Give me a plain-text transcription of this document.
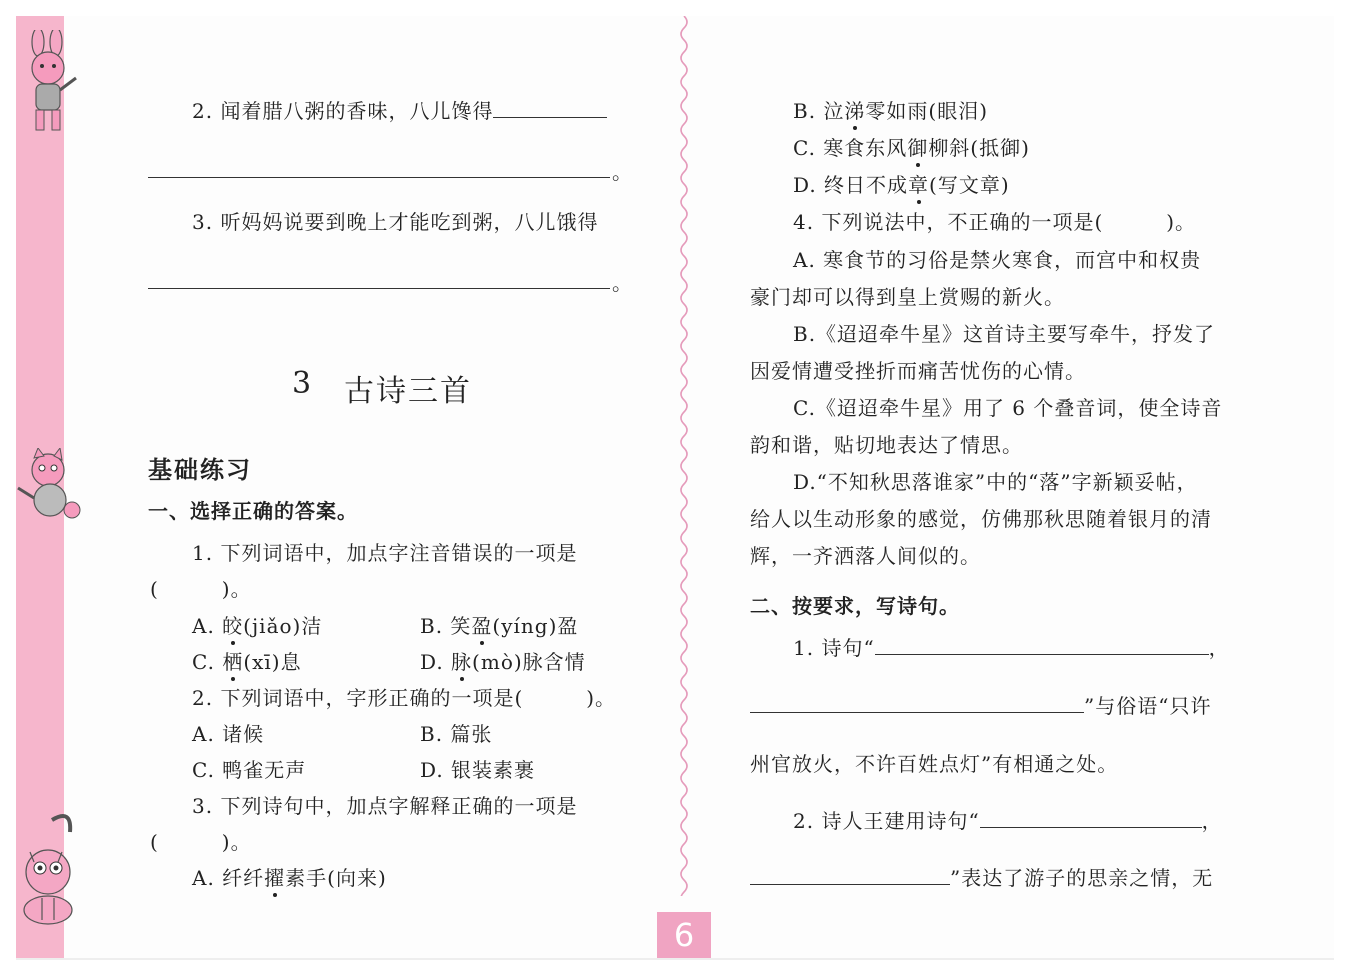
2. 闻着腊八粥的香味，八儿馋得
。
3. 听妈妈说要到晚上才能吃到粥，八儿饿得
。
3 古诗三首
基础练习
一、选择正确的答案。
1. 下列词语中，加点字注音错误的一项是
(　　　)。
A. 皎(jiǎo)洁	B. 笑盈(yíng)盈
C. 栖(xī)息	D. 脉(mò)脉含情
2. 下列词语中，字形正确的一项是(　　　)。
A. 诸候	B. 篇张
C. 鸭雀无声	D. 银装素裹
3. 下列诗句中，加点字解释正确的一项是
(　　　)。
A. 纤纤擢素手(向来)
B. 泣涕零如雨(眼泪)
C. 寒食东风御柳斜(抵御)
D. 终日不成章(写文章)
4. 下列说法中，不正确的一项是(　　　)。
A. 寒食节的习俗是禁火寒食，而宫中和权贵
豪门却可以得到皇上赏赐的新火。
B.《迢迢牵牛星》这首诗主要写牵牛，抒发了
因爱情遭受挫折而痛苦忧伤的心情。
C.《迢迢牵牛星》用了 6 个叠音词，使全诗音
韵和谐，贴切地表达了情思。
D.“不知秋思落谁家”中的“落”字新颖妥帖，
给人以生动形象的感觉，仿佛那秋思随着银月的清
辉，一齐洒落人间似的。
二、按要求，写诗句。
1. 诗句“	，
”与俗语“只许
州官放火，不许百姓点灯”有相通之处。
2. 诗人王建用诗句“	，
”表达了游子的思亲之情，无
6
